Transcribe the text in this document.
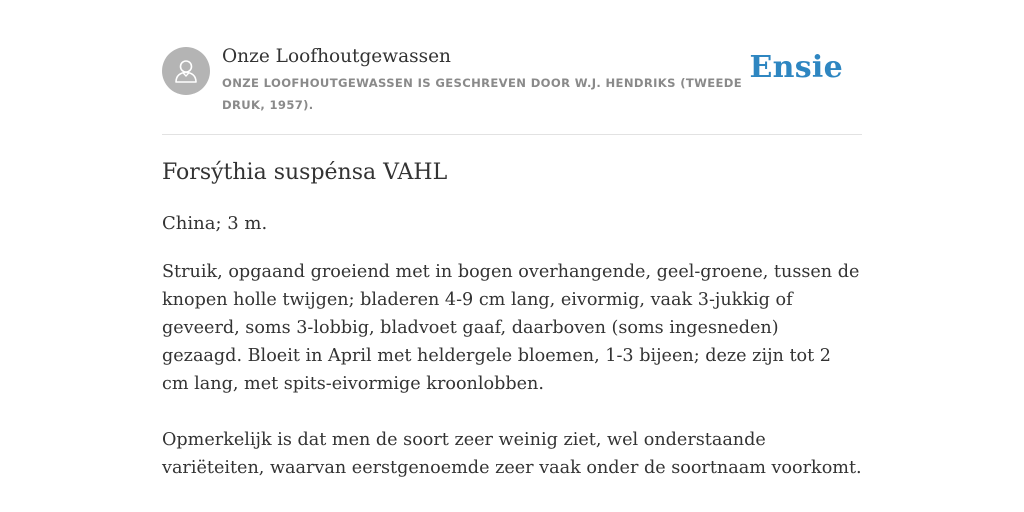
Onze Loofhoutgewassen
ONZE LOOFHOUTGEWASSEN IS GESCHREVEN DOOR W.J. HENDRIKS (TWEEDE DRUK, 1957).
Ensie
Forsýthia suspénsa VAHL
China; 3 m.

Struik, opgaand groeiend met in bogen overhangende, geel-groene, tussen de knopen holle twijgen; bladeren 4-9 cm lang, eivormig, vaak 3-jukkig of geveerd, soms 3-lobbig, bladvoet gaaf, daarboven (soms ingesneden) gezaagd. Bloeit in April met heldergele bloemen, 1-3 bijeen; deze zijn tot 2 cm lang, met spits-eivormige kroonlobben.

Opmerkelijk is dat men de soort zeer weinig ziet, wel onderstaande variëteiten, waarvan eerstgenoemde zeer vaak onder de soortnaam voorkomt.
